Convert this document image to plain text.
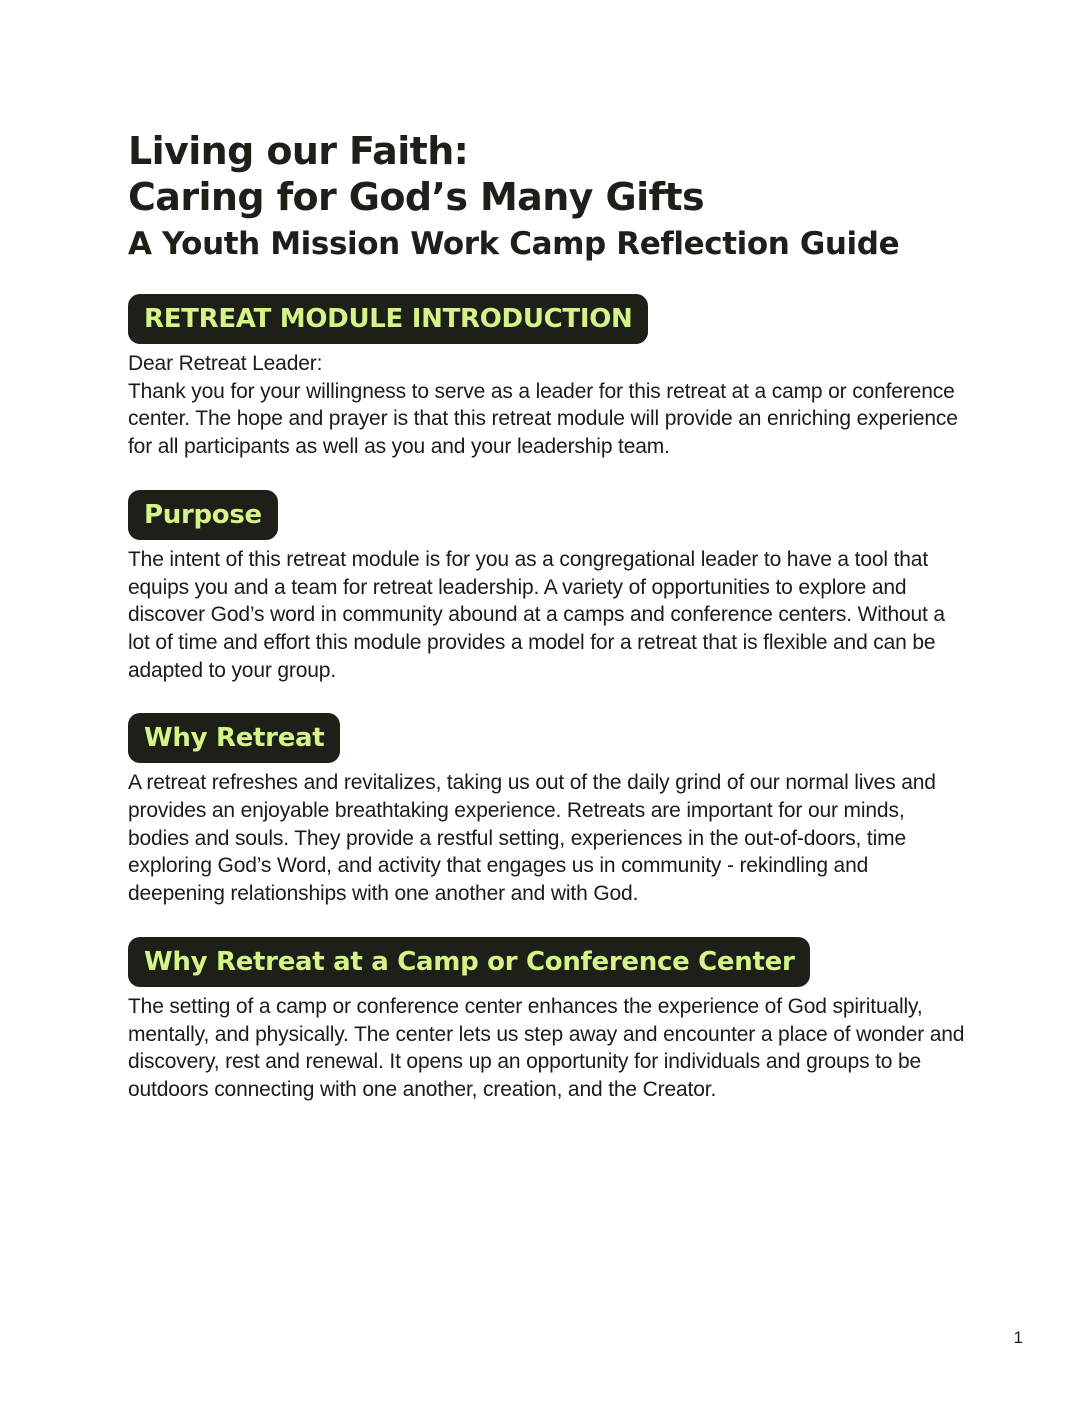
Living our Faith:
Caring for God’s Many Gifts
A Youth Mission Work Camp Reflection Guide
RETREAT MODULE INTRODUCTION

Dear Retreat Leader:
Thank you for your willingness to serve as a leader for this retreat at a camp or conference center. The hope and prayer is that this retreat module will provide an enriching experience for all participants as well as you and your leadership team.

Purpose

The intent of this retreat module is for you as a congregational leader to have a tool that equips you and a team for retreat leadership. A variety of opportunities to explore and discover God’s word in community abound at a camps and conference centers. Without a lot of time and effort this module provides a model for a retreat that is flexible and can be adapted to your group.

Why Retreat

A retreat refreshes and revitalizes, taking us out of the daily grind of our normal lives and provides an enjoyable breathtaking experience. Retreats are important for our minds, bodies and souls. They provide a restful setting, experiences in the out-of-doors, time exploring God’s Word, and activity that engages us in community - rekindling and deepening relationships with one another and with God.

Why Retreat at a Camp or Conference Center

The setting of a camp or conference center enhances the experience of God spiritually, mentally, and physically. The center lets us step away and encounter a place of wonder and discovery, rest and renewal. It opens up an opportunity for individuals and groups to be outdoors connecting with one another, creation, and the Creator.

1
